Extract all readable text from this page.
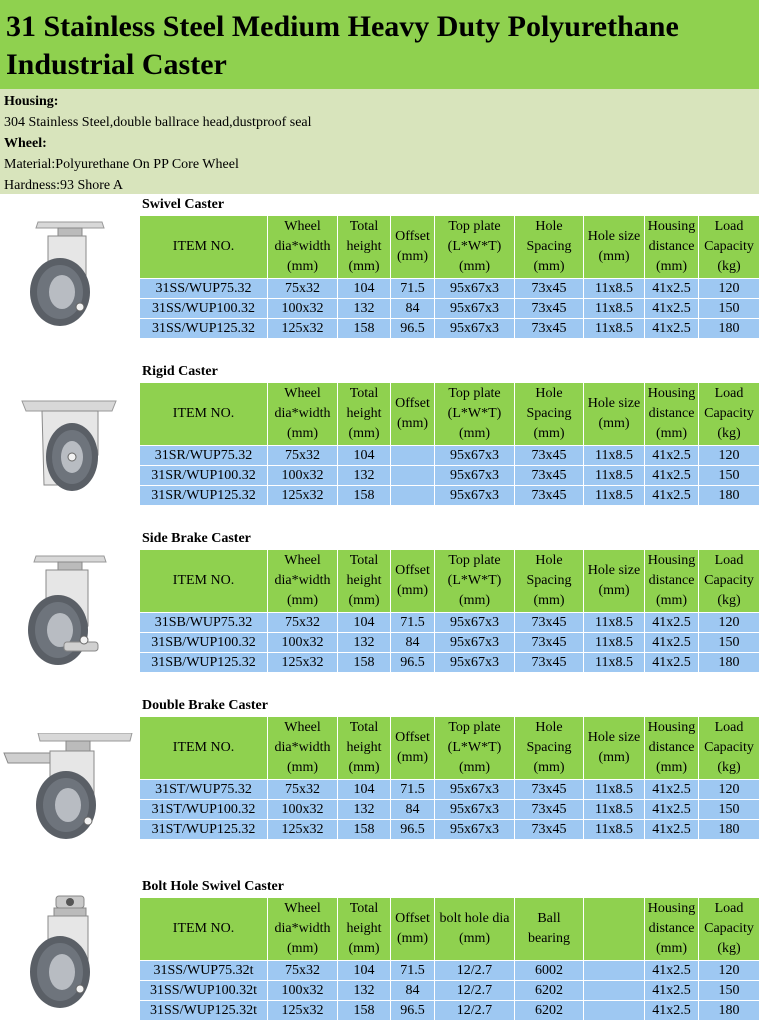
31 Stainless Steel Medium Heavy Duty Polyurethane Industrial Caster
Housing:
304 Stainless Steel,double ballrace head,dustproof seal
Wheel:
Material:Polyurethane On PP Core Wheel
Hardness:93 Shore A
Swivel Caster
ITEM NO.	Wheel dia*width (mm)	Total height (mm)	Offset (mm)	Top plate (L*W*T) (mm)	Hole Spacing (mm)	Hole size (mm)	Housing distance (mm)	Load Capacity (kg)
31SS/WUP75.32	75x32	104	71.5	95x67x3	73x45	11x8.5	41x2.5	120
31SS/WUP100.32	100x32	132	84	95x67x3	73x45	11x8.5	41x2.5	150
31SS/WUP125.32	125x32	158	96.5	95x67x3	73x45	11x8.5	41x2.5	180
Rigid Caster
ITEM NO.	Wheel dia*width (mm)	Total height (mm)	Offset (mm)	Top plate (L*W*T) (mm)	Hole Spacing (mm)	Hole size (mm)	Housing distance (mm)	Load Capacity (kg)
31SR/WUP75.32	75x32	104		95x67x3	73x45	11x8.5	41x2.5	120
31SR/WUP100.32	100x32	132		95x67x3	73x45	11x8.5	41x2.5	150
31SR/WUP125.32	125x32	158		95x67x3	73x45	11x8.5	41x2.5	180
Side Brake Caster
ITEM NO.	Wheel dia*width (mm)	Total height (mm)	Offset (mm)	Top plate (L*W*T) (mm)	Hole Spacing (mm)	Hole size (mm)	Housing distance (mm)	Load Capacity (kg)
31SB/WUP75.32	75x32	104	71.5	95x67x3	73x45	11x8.5	41x2.5	120
31SB/WUP100.32	100x32	132	84	95x67x3	73x45	11x8.5	41x2.5	150
31SB/WUP125.32	125x32	158	96.5	95x67x3	73x45	11x8.5	41x2.5	180
Double Brake Caster
ITEM NO.	Wheel dia*width (mm)	Total height (mm)	Offset (mm)	Top plate (L*W*T) (mm)	Hole Spacing (mm)	Hole size (mm)	Housing distance (mm)	Load Capacity (kg)
31ST/WUP75.32	75x32	104	71.5	95x67x3	73x45	11x8.5	41x2.5	120
31ST/WUP100.32	100x32	132	84	95x67x3	73x45	11x8.5	41x2.5	150
31ST/WUP125.32	125x32	158	96.5	95x67x3	73x45	11x8.5	41x2.5	180
Bolt Hole Swivel Caster
ITEM NO.	Wheel dia*width (mm)	Total height (mm)	Offset (mm)	bolt hole dia (mm)	Ball bearing		Housing distance (mm)	Load Capacity (kg)
31SS/WUP75.32t	75x32	104	71.5	12/2.7	6002		41x2.5	120
31SS/WUP100.32t	100x32	132	84	12/2.7	6202		41x2.5	150
31SS/WUP125.32t	125x32	158	96.5	12/2.7	6202		41x2.5	180
